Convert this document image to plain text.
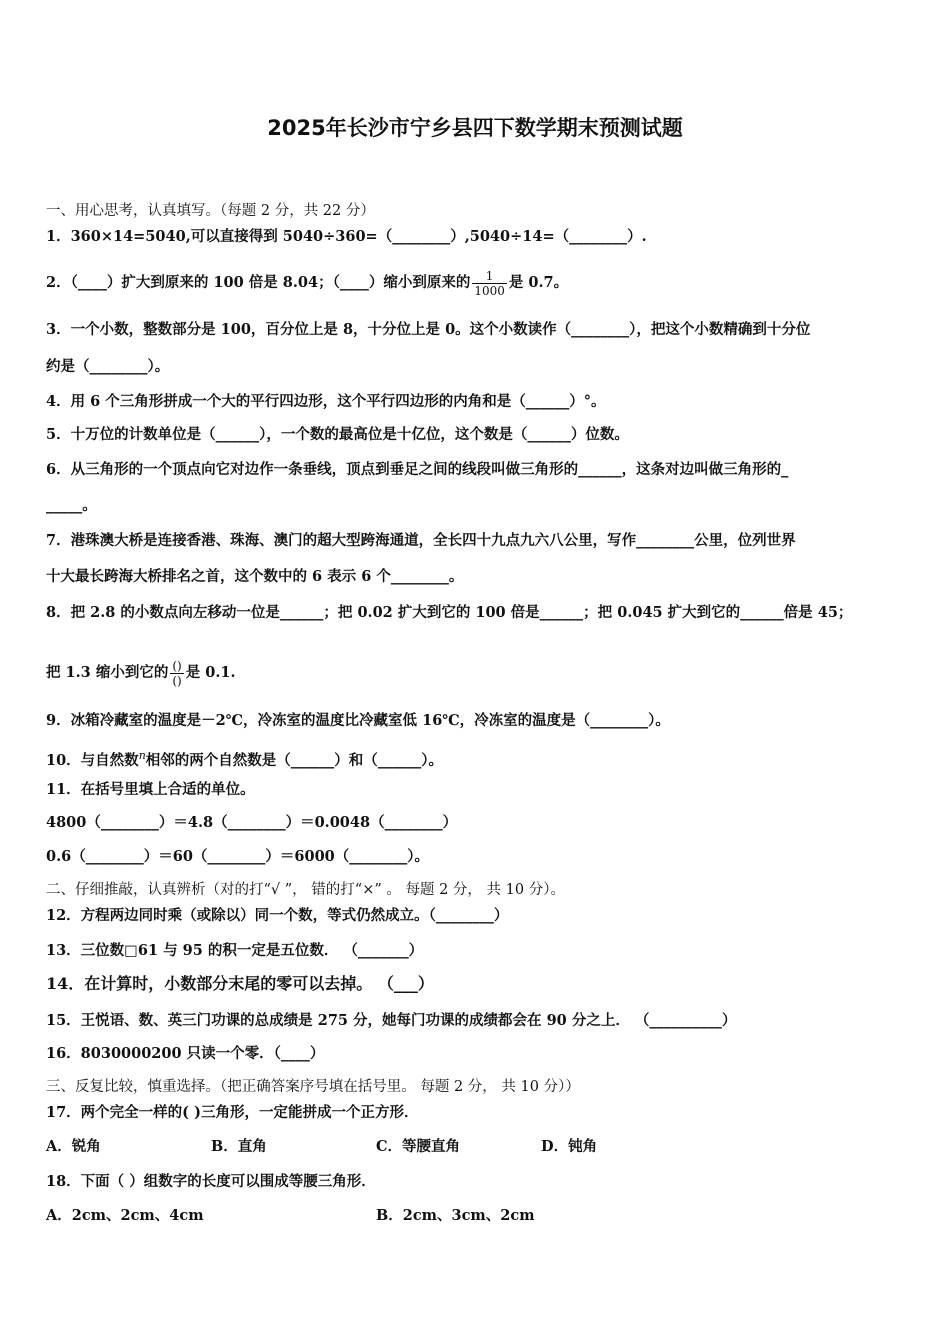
2025年长沙市宁乡县四下数学期末预测试题
一、用心思考，认真填写。（每题 2 分，共 22 分）
1．360×14=5040,可以直接得到 5040÷360=（________）,5040÷14=（________）.
2．（____）扩大到原来的 100 倍是 8.04；（____）缩小到原来的 $\frac{1}{1000}$ 是 0.7。
3．一个小数，整数部分是 100，百分位上是 8，十分位上是 0。这个小数读作（________），把这个小数精确到十分位
约是（________）。
4．用 6 个三角形拼成一个大的平行四边形，这个平行四边形的内角和是（______）°。
5．十万位的计数单位是（______），一个数的最高位是十亿位，这个数是（______）位数。
6．从三角形的一个顶点向它对边作一条垂线，顶点到垂足之间的线段叫做三角形的______，这条对边叫做三角形的_
_____。
7．港珠澳大桥是连接香港、珠海、澳门的超大型跨海通道，全长四十九点九六八公里，写作________公里，位列世界
十大最长跨海大桥排名之首，这个数中的 6 表示 6 个________。
8．把 2.8 的小数点向左移动一位是______；把 0.02 扩大到它的 100 倍是______；把 0.045 扩大到它的______倍是 45；
把 1.3 缩小到它的 $\frac{()}{()}$ 是 0.1.
9．冰箱冷藏室的温度是－2℃，冷冻室的温度比冷藏室低 16℃，冷冻室的温度是（________）。
10．与自然数$^n$相邻的两个自然数是（______）和（______）。
11．在括号里填上合适的单位。
4800（________）＝4.8（________）＝0.0048（________）
0.6（________）＝60（________）＝6000（________）。
二、仔细推敲，认真辨析（对的打“√ ”， 错的打“×” 。 每题 2 分， 共 10 分）。
12．方程两边同时乘（或除以）同一个数，等式仍然成立。（________）
13．三位数□61 与 95 的积一定是五位数． （_______）
14．在计算时，小数部分末尾的零可以去掉。 （___）
15．王悦语、数、英三门功课的总成绩是 275 分，她每门功课的成绩都会在 90 分之上． （__________）
16．8030000200 只读一个零．（____）
三、反复比较，慎重选择。（把正确答案序号填在括号里。 每题 2 分， 共 10 分））
17．两个完全一样的( )三角形，一定能拼成一个正方形．
A．锐角	B．直角	C．等腰直角	D．钝角
18．下面（ ）组数字的长度可以围成等腰三角形．
A．2cm、2cm、4cm	B．2cm、3cm、2cm
